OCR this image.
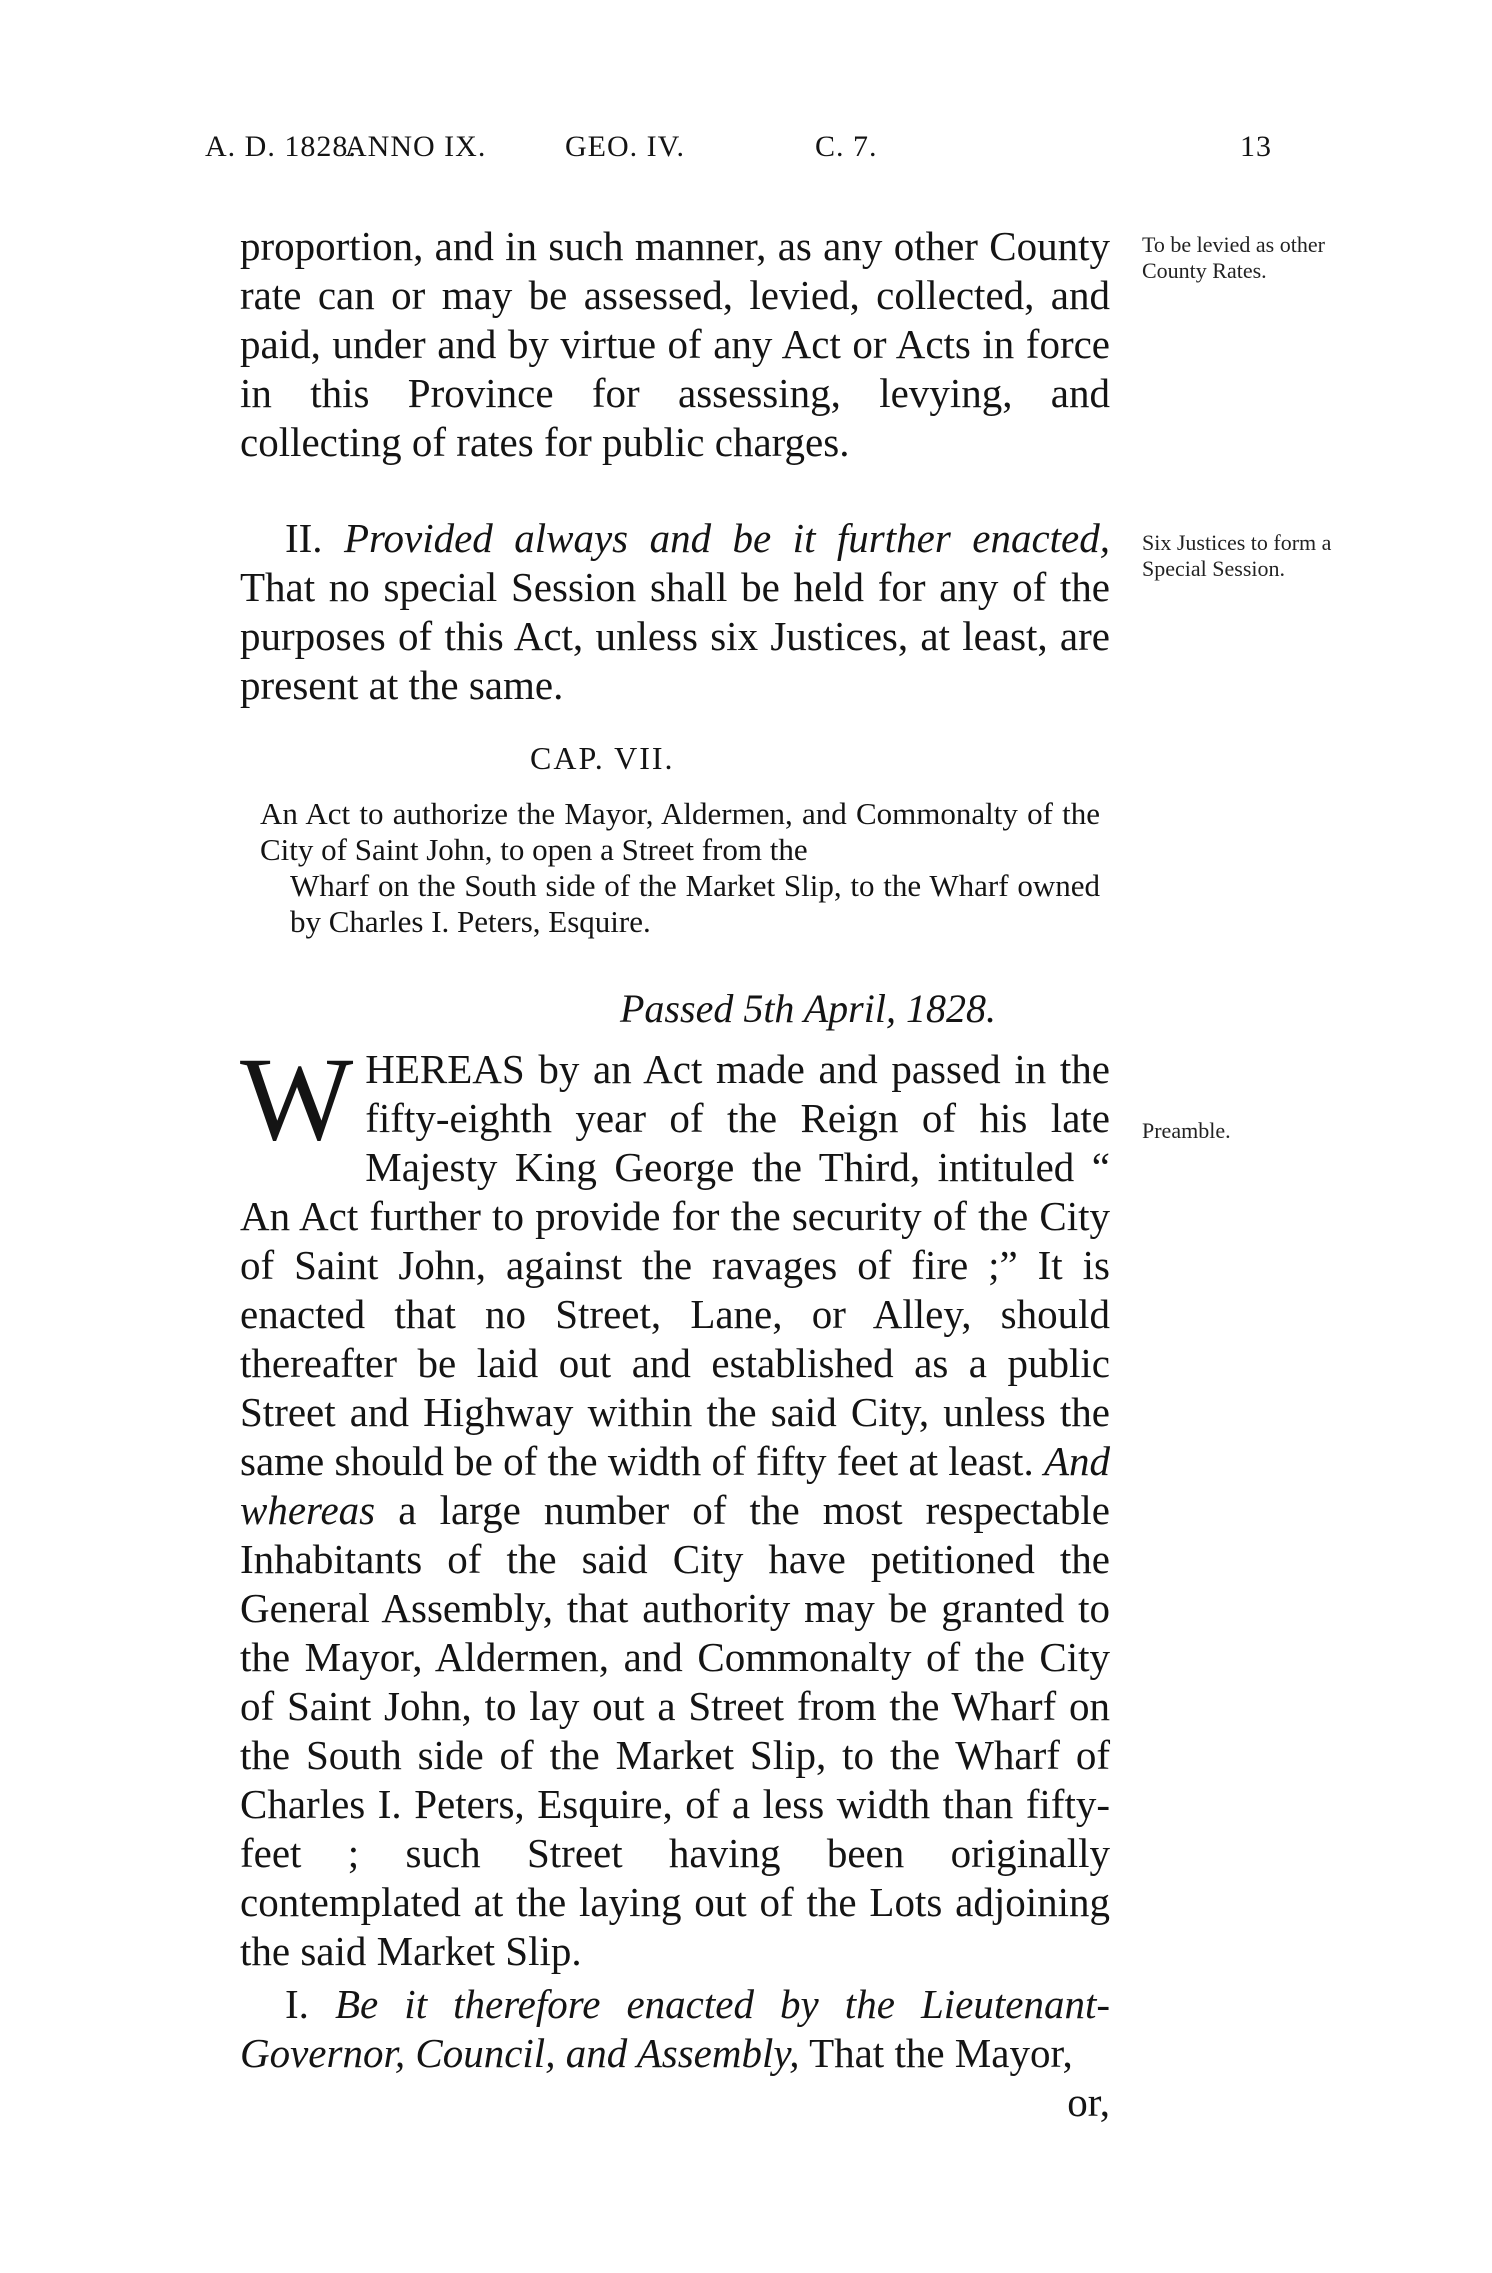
A. D. 1828.
ANNO IX.	GEO. IV.	C. 7.	13

proportion, and in such manner, as any other County rate can or may be assessed, levied, collected, and paid, under and by virtue of any Act or Acts in force in this Province for assessing, levying, and collecting of rates for public charges.

To be levied as other County Rates.

II. Provided always and be it further enacted, That no special Session shall be held for any of the purposes of this Act, unless six Justices, at least, are present at the same.

Six Justices to form a Special Session.
CAP. VII.
An Act to authorize the Mayor, Aldermen, and Commonalty of the City of Saint John, to open a Street from the
Wharf on the South side of the Market Slip, to the Wharf owned by Charles I. Peters, Esquire.
Passed 5th April, 1828.
W HEREAS by an Act made and passed in the fifty-eighth year of the Reign of his late Majesty King George the Third, intituled “ An Act further to provide for the security of the City of Saint John, against the ravages of fire ;” It is enacted that no Street, Lane, or Alley, should thereafter be laid out and established as a public Street and Highway within the said City, unless the same should be of the width of fifty feet at least. And whereas a large number of the most respectable Inhabitants of the said City have petitioned the General Assembly, that authority may be granted to the Mayor, Aldermen, and Commonalty of the City of Saint John, to lay out a Street from the Wharf on the South side of the Market Slip, to the Wharf of Charles I. Peters, Esquire, of a less width than fifty-feet ; such Street having been originally contemplated at the laying out of the Lots adjoining the said Market Slip.

I. Be it therefore enacted by the Lieutenant-Governor, Council, and Assembly, That the Mayor,

or,

Preamble.
